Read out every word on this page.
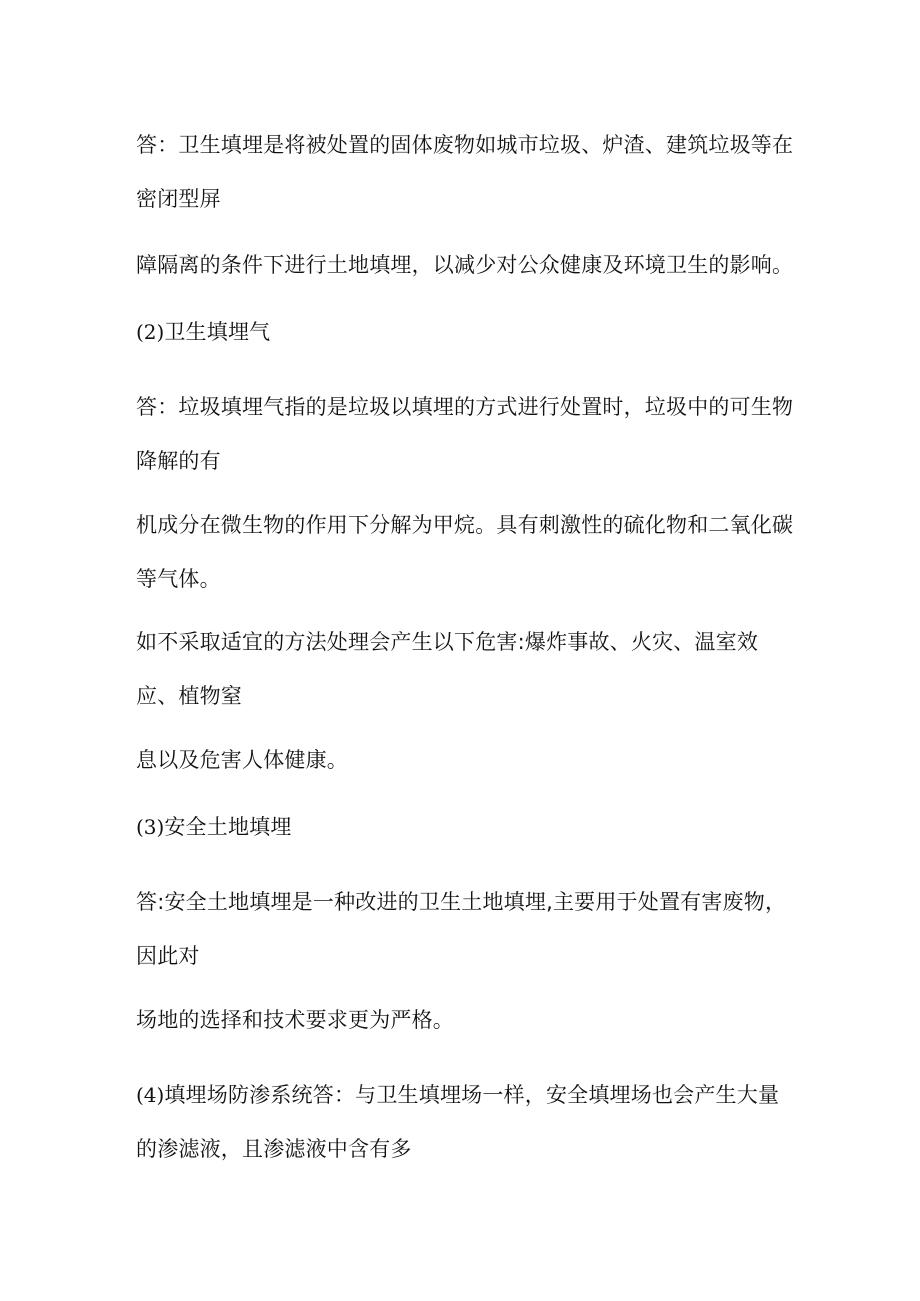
答：卫生填埋是将被处置的固体废物如城市垃圾、炉渣、建筑垃圾等在密闭型屏

障隔离的条件下进行土地填埋，以减少对公众健康及环境卫生的影响。

(2)卫生填埋气

答：垃圾填埋气指的是垃圾以填埋的方式进行处置时，垃圾中的可生物降解的有

机成分在微生物的作用下分解为甲烷。具有刺激性的硫化物和二氧化碳等气体。

如不采取适宜的方法处理会产生以下危害:爆炸事故、火灾、温室效应、植物窒

息以及危害人体健康。

(3)安全土地填埋

答:安全土地填埋是一种改进的卫生土地填埋,主要用于处置有害废物，因此对

场地的选择和技术要求更为严格。

(4)填埋场防渗系统答：与卫生填埋场一样，安全填埋场也会产生大量的渗滤液，且渗滤液中含有多
